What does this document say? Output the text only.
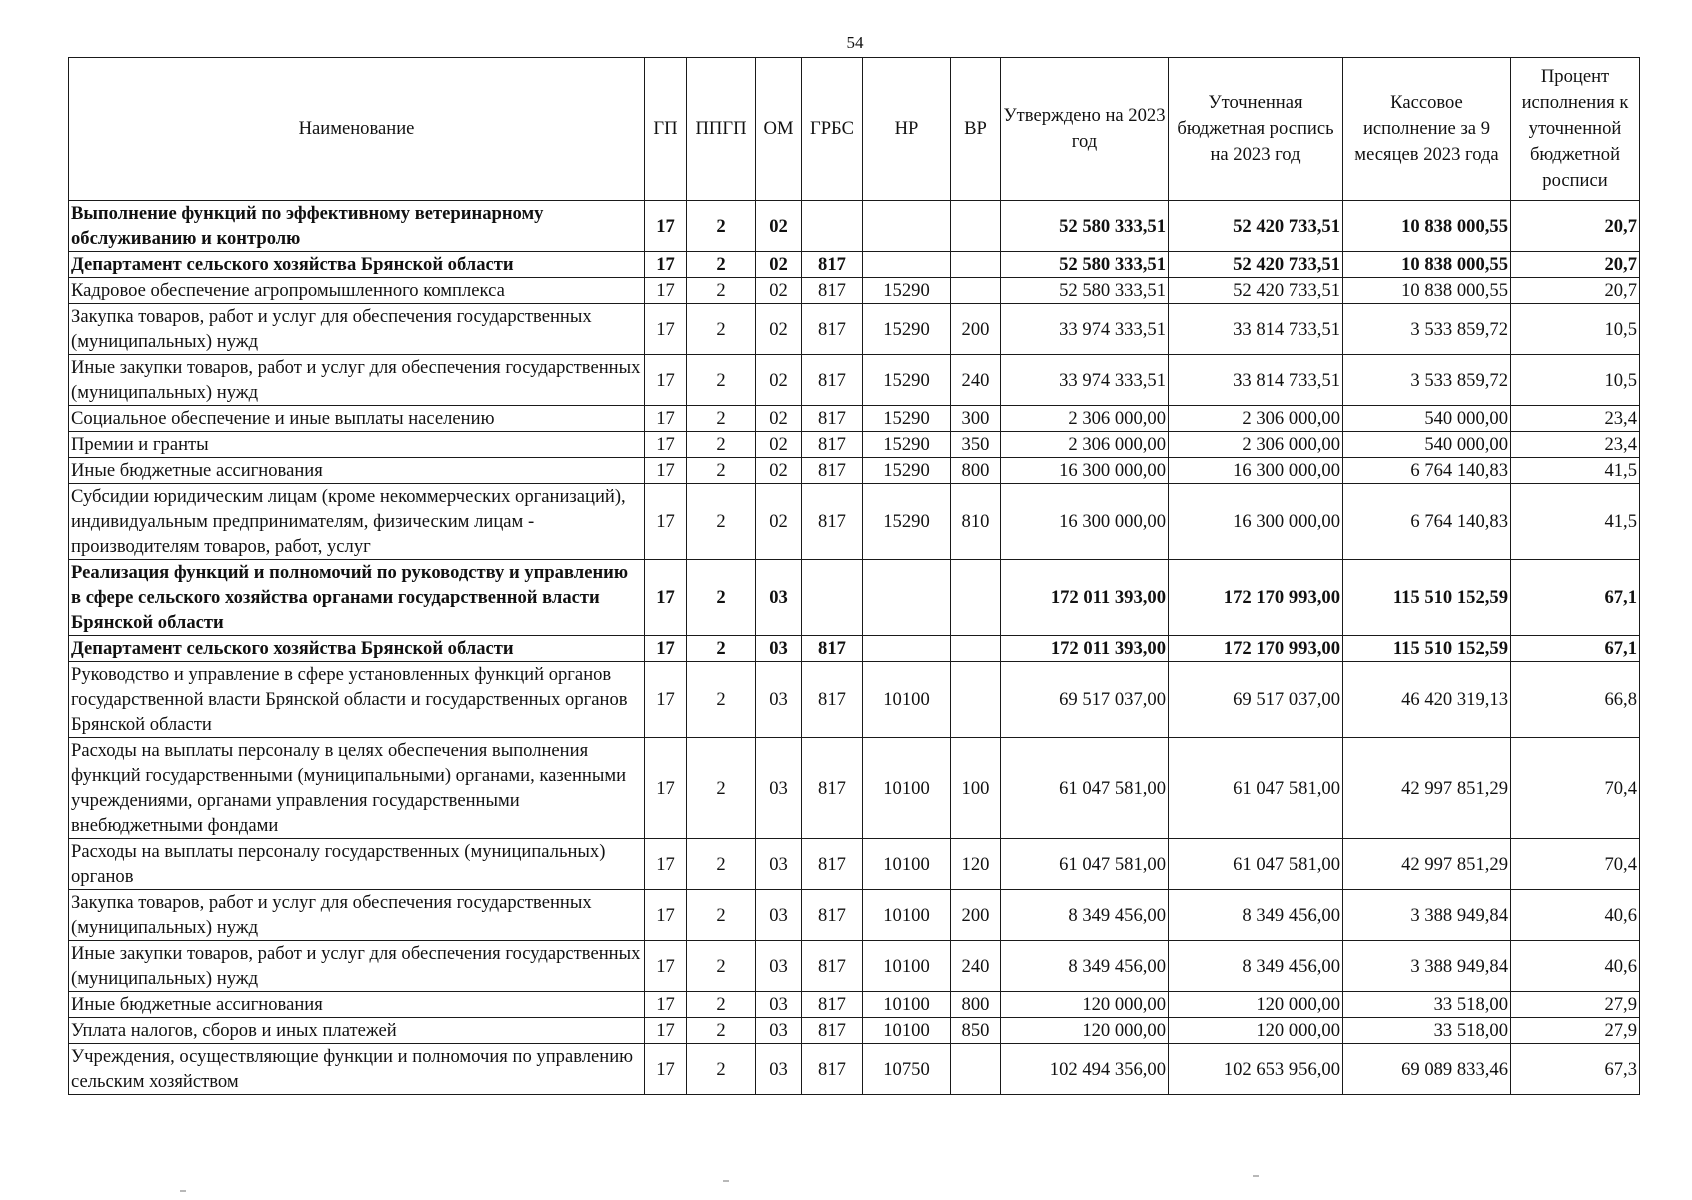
54
Наименование	ГП	ППГП	ОМ	ГРБС	НР	ВР	Утверждено на 2023 год	Уточненная бюджетная роспись на 2023 год	Кассовое исполнение за 9 месяцев 2023 года	Процент исполнения к уточненной бюджетной росписи
Выполнение функций по эффективному ветеринарному обслуживанию и контролю	17	2	02				52 580 333,51	52 420 733,51	10 838 000,55	20,7
Департамент сельского хозяйства Брянской области	17	2	02	817			52 580 333,51	52 420 733,51	10 838 000,55	20,7
Кадровое обеспечение агропромышленного комплекса	17	2	02	817	15290		52 580 333,51	52 420 733,51	10 838 000,55	20,7
Закупка товаров, работ и услуг для обеспечения государственных (муниципальных) нужд	17	2	02	817	15290	200	33 974 333,51	33 814 733,51	3 533 859,72	10,5
Иные закупки товаров, работ и услуг для обеспечения государственных (муниципальных) нужд	17	2	02	817	15290	240	33 974 333,51	33 814 733,51	3 533 859,72	10,5
Социальное обеспечение и иные выплаты населению	17	2	02	817	15290	300	2 306 000,00	2 306 000,00	540 000,00	23,4
Премии и гранты	17	2	02	817	15290	350	2 306 000,00	2 306 000,00	540 000,00	23,4
Иные бюджетные ассигнования	17	2	02	817	15290	800	16 300 000,00	16 300 000,00	6 764 140,83	41,5
Субсидии юридическим лицам (кроме некоммерческих организаций), индивидуальным предпринимателям, физическим лицам - производителям товаров, работ, услуг	17	2	02	817	15290	810	16 300 000,00	16 300 000,00	6 764 140,83	41,5
Реализация функций и полномочий по руководству и управлению в сфере сельского хозяйства органами государственной власти Брянской области	17	2	03				172 011 393,00	172 170 993,00	115 510 152,59	67,1
Департамент сельского хозяйства Брянской области	17	2	03	817			172 011 393,00	172 170 993,00	115 510 152,59	67,1
Руководство и управление в сфере установленных функций органов государственной власти Брянской области и государственных органов Брянской области	17	2	03	817	10100		69 517 037,00	69 517 037,00	46 420 319,13	66,8
Расходы на выплаты персоналу в целях обеспечения выполнения функций государственными (муниципальными) органами, казенными учреждениями, органами управления государственными внебюджетными фондами	17	2	03	817	10100	100	61 047 581,00	61 047 581,00	42 997 851,29	70,4
Расходы на выплаты персоналу государственных (муниципальных) органов	17	2	03	817	10100	120	61 047 581,00	61 047 581,00	42 997 851,29	70,4
Закупка товаров, работ и услуг для обеспечения государственных (муниципальных) нужд	17	2	03	817	10100	200	8 349 456,00	8 349 456,00	3 388 949,84	40,6
Иные закупки товаров, работ и услуг для обеспечения государственных (муниципальных) нужд	17	2	03	817	10100	240	8 349 456,00	8 349 456,00	3 388 949,84	40,6
Иные бюджетные ассигнования	17	2	03	817	10100	800	120 000,00	120 000,00	33 518,00	27,9
Уплата налогов, сборов и иных платежей	17	2	03	817	10100	850	120 000,00	120 000,00	33 518,00	27,9
Учреждения, осуществляющие функции и полномочия по управлению сельским хозяйством	17	2	03	817	10750		102 494 356,00	102 653 956,00	69 089 833,46	67,3
